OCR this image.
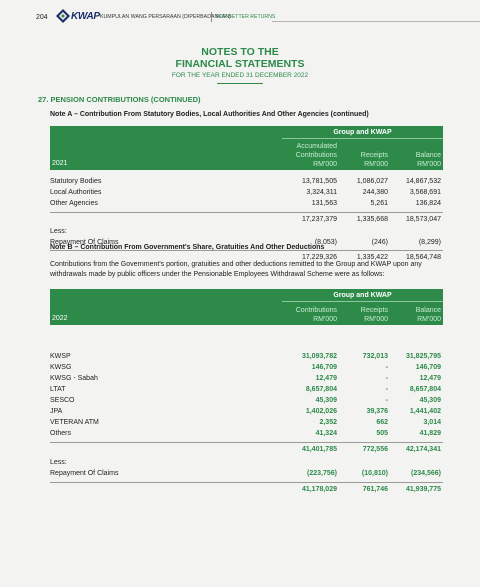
204 KWAP KUMPULAN WANG PERSARAAN (DIPERBADANKAN)
FOR BETTER RETURNS
NOTES TO THE
FINANCIAL STATEMENTS
FOR THE YEAR ENDED 31 DECEMBER 2022
27. PENSION CONTRIBUTIONS (CONTINUED)
Note A – Contribution From Statutory Bodies, Local Authorities And Other Agencies (continued)
Group and KWAP
2021
Accumulated
Contributions
RM'000
Receipts
RM'000
Balance
RM'000
Statutory Bodies	13,781,505	1,086,027	14,867,532
Local Authorities	3,324,311	244,380	3,568,691
Other Agencies	131,563	5,261	136,824
17,237,379	1,335,668	18,573,047
Less:
Repayment Of Claims	(8,053)	(246)	(8,299)
17,229,326	1,335,422	18,564,748
Note B – Contribution From Government's Share, Gratuities And Other Deductions
Contributions from the Government's portion, gratuities and other deductions remitted to the Group and KWAP upon any withdrawals made by public officers under the Pensionable Employees Withdrawal Scheme were as follows:
Group and KWAP
2022
Contributions
RM'000
Receipts
RM'000
Balance
RM'000
KWSP	31,093,782	732,013	31,825,795
KWSG	146,709	-	146,709
KWSG - Sabah	12,479	-	12,479
LTAT	8,657,804	-	8,657,804
SESCO	45,309	-	45,309
JPA	1,402,026	39,376	1,441,402
VETERAN ATM	2,352	662	3,014
Others	41,324	505	41,829
41,401,785	772,556	42,174,341
Less:
Repayment Of Claims	(223,756)	(10,810)	(234,566)
41,178,029	761,746	41,939,775
